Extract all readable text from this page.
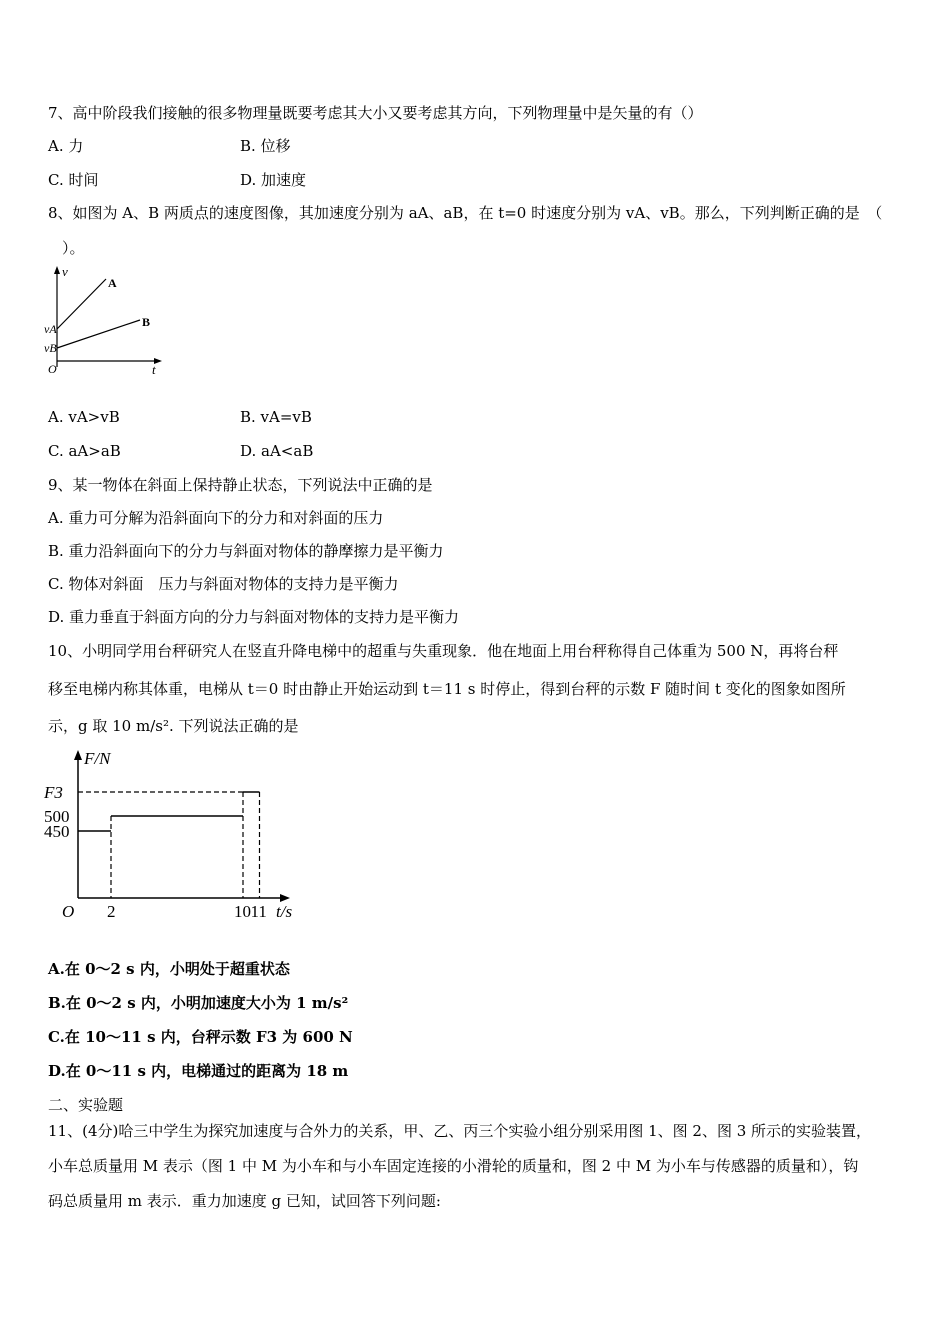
7、高中阶段我们接触的很多物理量既要考虑其大小又要考虑其方向，下列物理量中是矢量的有（）
A. 力	B. 位移
C. 时间	D. 加速度
8、如图为 A、B 两质点的速度图像，其加速度分别为 aA、aB，在 t=0 时速度分别为 vA、vB。那么，下列判断正确的是　（
）。
v
A
B
vA
vB
O	t
A. vA>vB	B. vA=vB
C. aA>aB	D. aA<aB
9、某一物体在斜面上保持静止状态，下列说法中正确的是
A. 重力可分解为沿斜面向下的分力和对斜面的压力
B. 重力沿斜面向下的分力与斜面对物体的静摩擦力是平衡力
C. 物体对斜面　压力与斜面对物体的支持力是平衡力
D. 重力垂直于斜面方向的分力与斜面对物体的支持力是平衡力
10、小明同学用台秤研究人在竖直升降电梯中的超重与失重现象．他在地面上用台秤称得自己体重为 500 N，再将台秤
移至电梯内称其体重，电梯从 t＝0 时由静止开始运动到 t＝11 s 时停止，得到台秤的示数 F 随时间 t 变化的图象如图所
示，g 取 10 m/s². 下列说法正确的是
2	10 11
450
500
F3
F/N
O	t/s
A.在 0～2 s 内，小明处于超重状态
B.在 0～2 s 内，小明加速度大小为 1 m/s²
C.在 10～11 s 内，台秤示数 F3 为 600 N
D.在 0～11 s 内，电梯通过的距离为 18 m
二、实验题
11、(4分)哈三中学生为探究加速度与合外力的关系，甲、乙、丙三个实验小组分别采用图 1、图 2、图 3 所示的实验装置，
小车总质量用 M 表示（图 1 中 M 为小车和与小车固定连接的小滑轮的质量和，图 2 中 M 为小车与传感器的质量和），钩
码总质量用 m 表示．重力加速度 g 已知，试回答下列问题:
